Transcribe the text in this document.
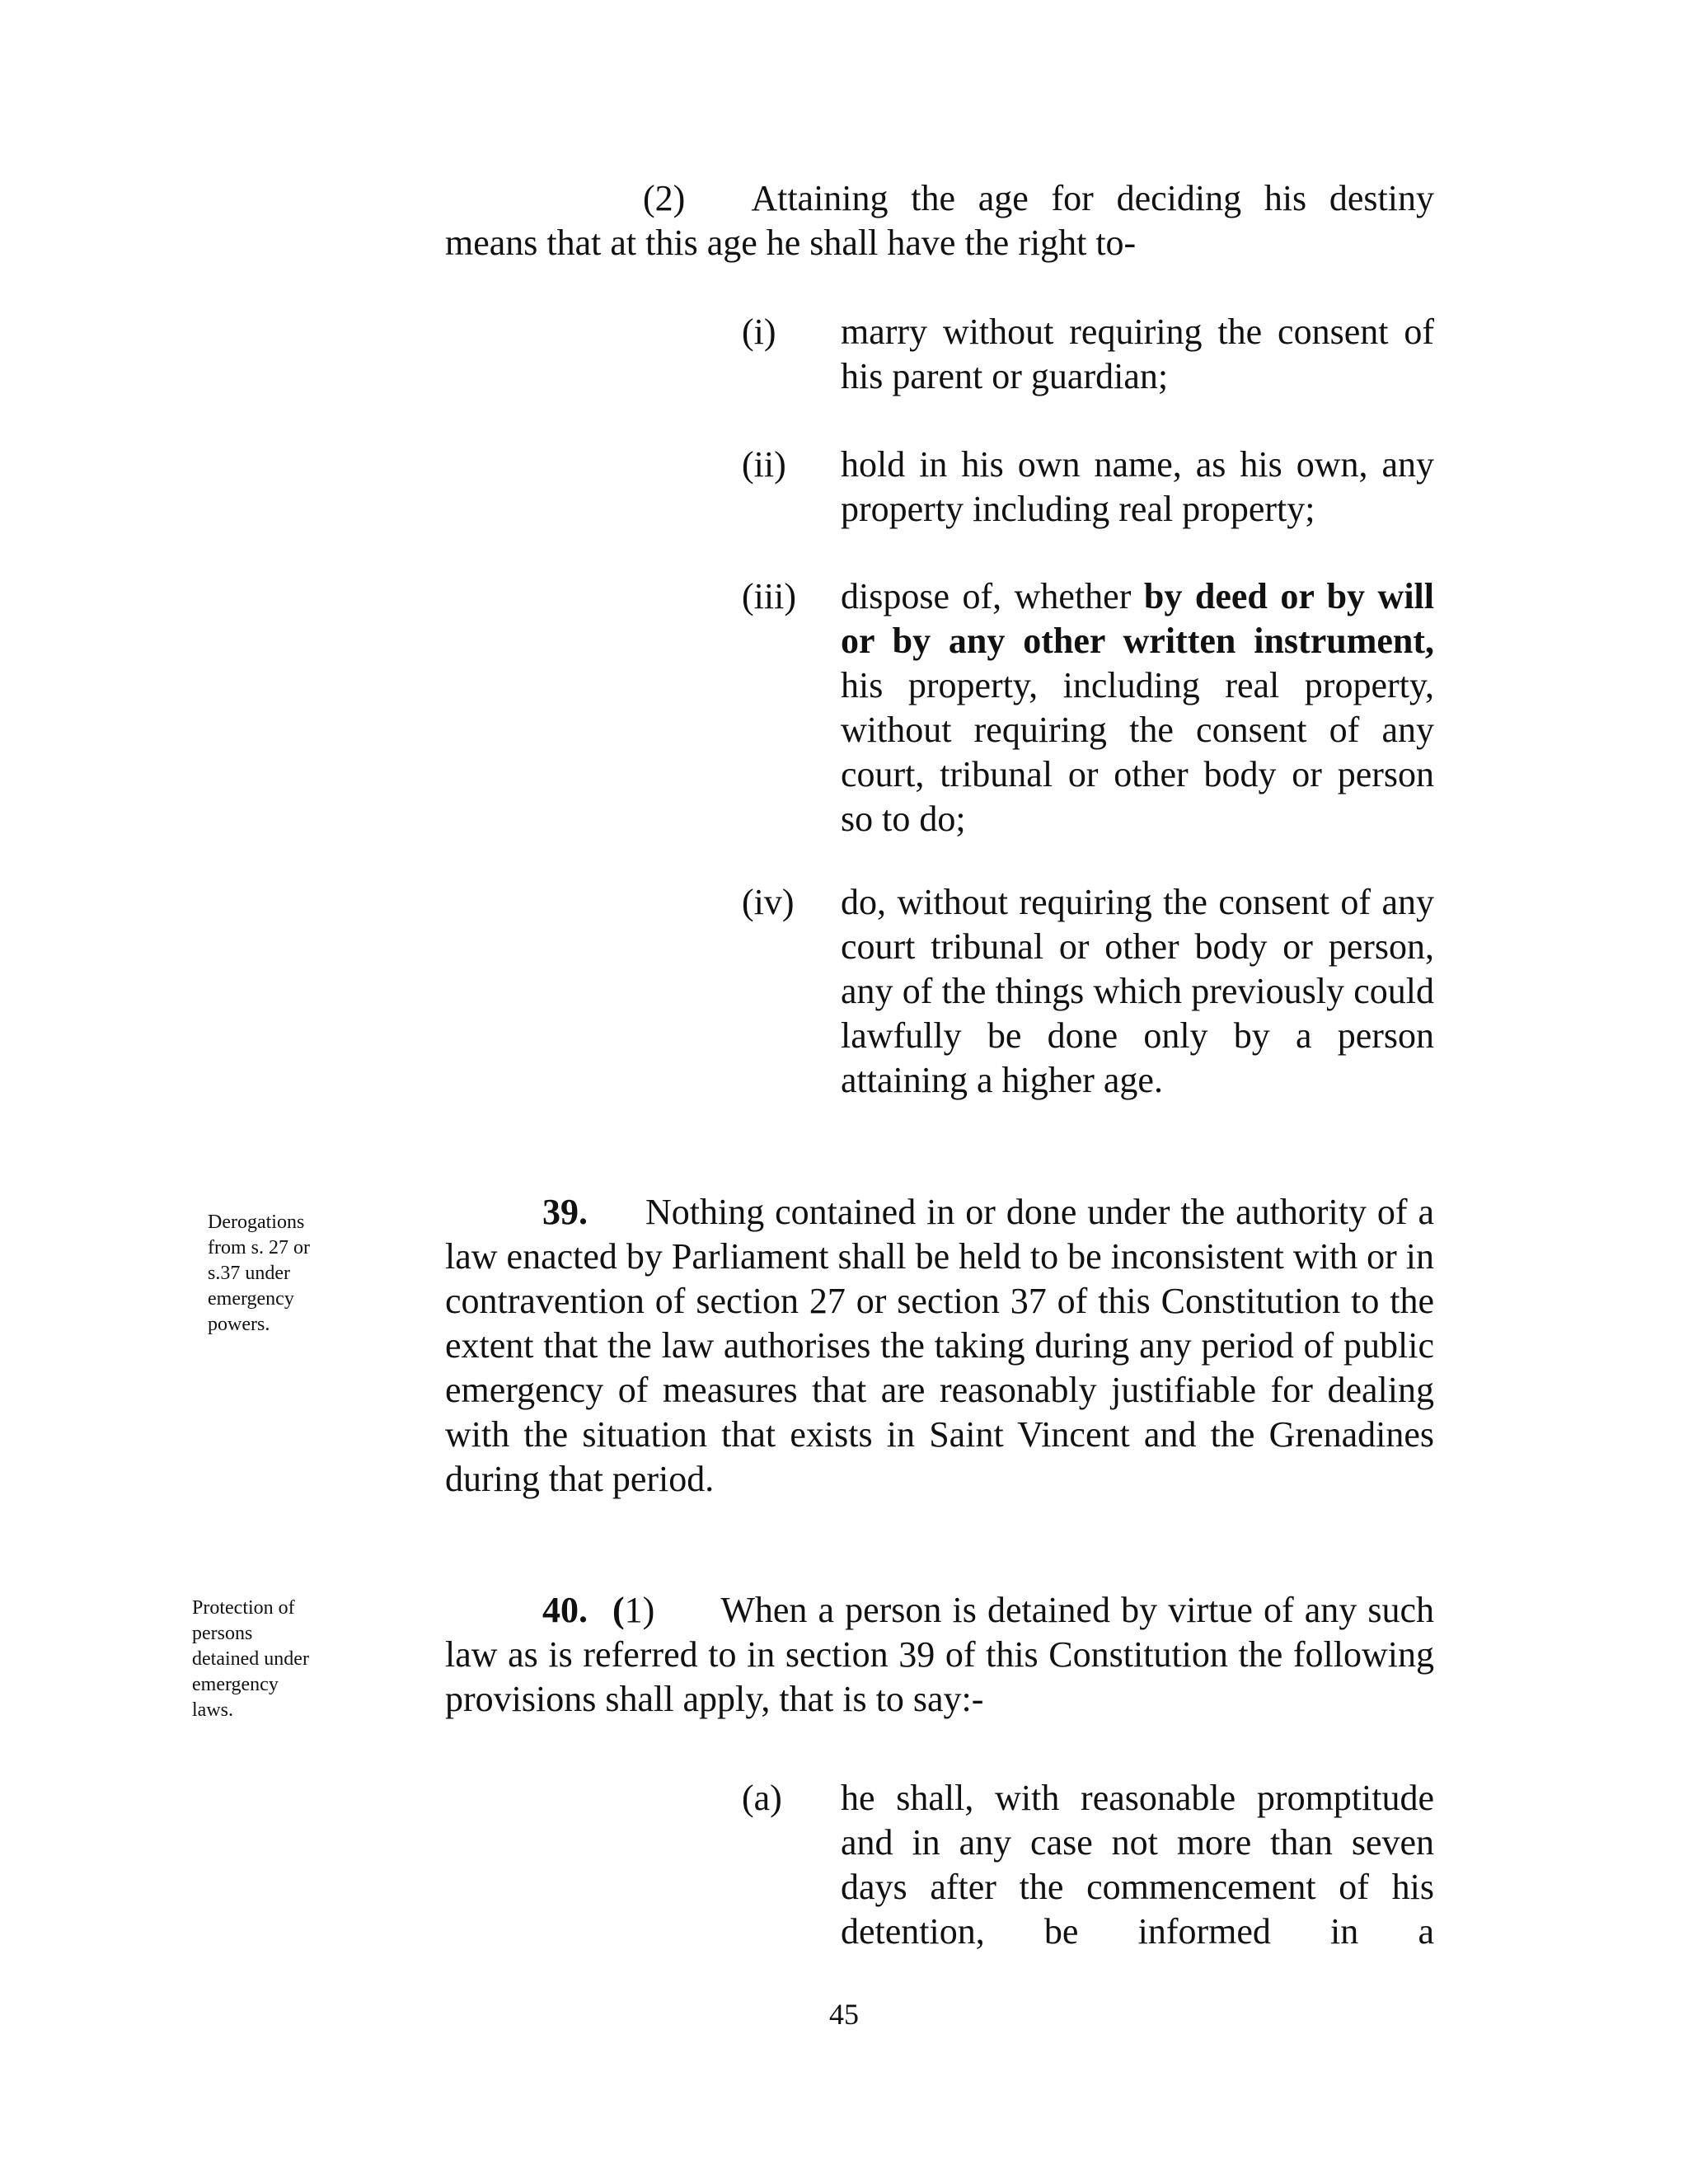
(2) Attaining the age for deciding his destiny means that at this age he shall have the right to-
(i)	marry without requiring the consent of his parent or guardian;
(ii)	hold in his own name, as his own, any property including real property;
(iii)	dispose of, whether by deed or by will or by any other written instrument, his property, including real property, without requiring the consent of any court, tribunal or other body or person so to do;
(iv)	do, without requiring the consent of any court tribunal or other body or person, any of the things which previously could lawfully be done only by a person attaining a higher age.
Derogations from s. 27 or s.37 under emergency powers.
39. Nothing contained in or done under the authority of a law enacted by Parliament shall be held to be inconsistent with or in contravention of section 27 or section 37 of this Constitution to the extent that the law authorises the taking during any period of public emergency of measures that are reasonably justifiable for dealing with the situation that exists in Saint Vincent and the Grenadines during that period.
Protection of persons detained under emergency laws.
40. (1) When a person is detained by virtue of any such law as is referred to in section 39 of this Constitution the following provisions shall apply, that is to say:-
(a)	he shall, with reasonable promptitude and in any case not more than seven days after the commencement of his detention, be informed in a
45
